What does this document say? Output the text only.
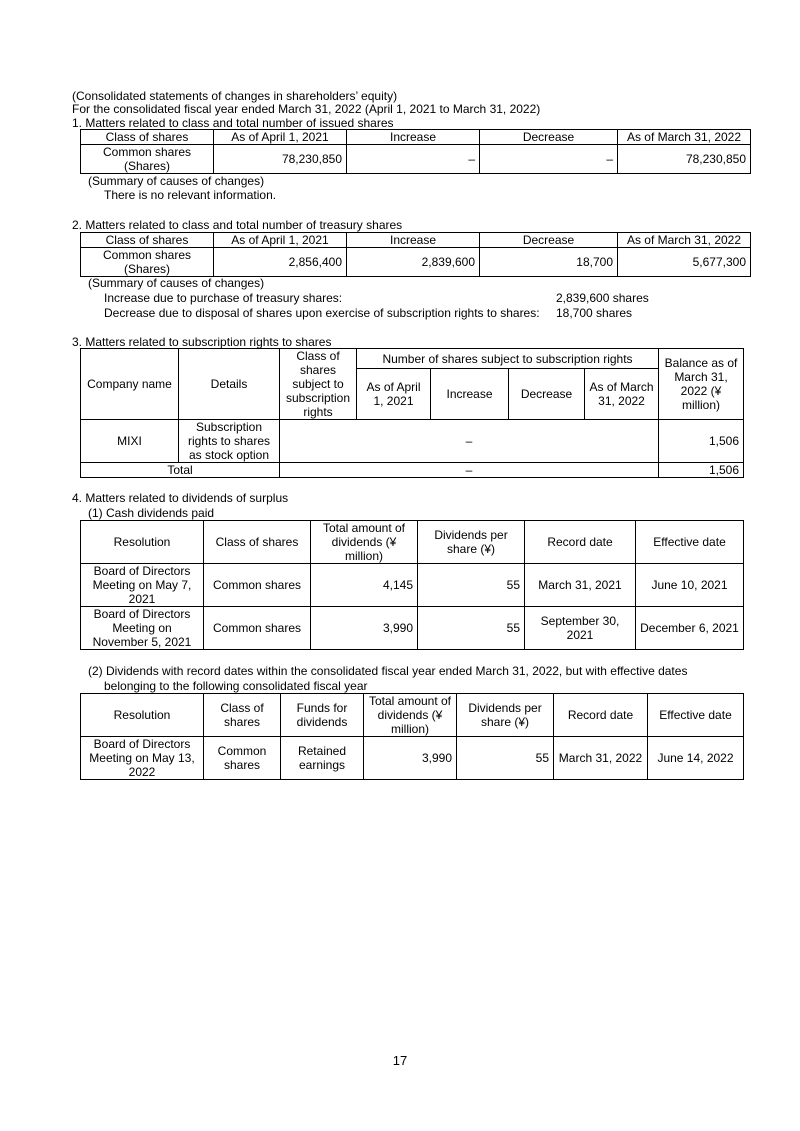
(Consolidated statements of changes in shareholders’ equity)
For the consolidated fiscal year ended March 31, 2022 (April 1, 2021 to March 31, 2022)
1. Matters related to class and total number of issued shares
Class of shares	As of April 1, 2021	Increase	Decrease	As of March 31, 2022
Common shares (Shares)	78,230,850	–	–	78,230,850
(Summary of causes of changes)
There is no relevant information.
2. Matters related to class and total number of treasury shares
Class of shares	As of April 1, 2021	Increase	Decrease	As of March 31, 2022
Common shares (Shares)	2,856,400	2,839,600	18,700	5,677,300
(Summary of causes of changes)
Increase due to purchase of treasury shares:	2,839,600 shares
Decrease due to disposal of shares upon exercise of subscription rights to shares: 18,700 shares
3. Matters related to subscription rights to shares
Company name	Details	Class of shares subject to subscription rights	Number of shares subject to subscription rights				Balance as of March 31, 2022 (¥ million)
			As of April 1, 2021	Increase	Decrease	As of March 31, 2022	
MIXI	Subscription rights to shares as stock option	–					1,506
Total		–					1,506
4. Matters related to dividends of surplus
(1) Cash dividends paid
Resolution	Class of shares	Total amount of dividends (¥ million)	Dividends per share (¥)	Record date	Effective date
Board of Directors Meeting on May 7, 2021	Common shares	4,145	55	March 31, 2021	June 10, 2021
Board of Directors Meeting on November 5, 2021	Common shares	3,990	55	September 30, 2021	December 6, 2021
(2) Dividends with record dates within the consolidated fiscal year ended March 31, 2022, but with effective dates
belonging to the following consolidated fiscal year
Resolution	Class of shares	Funds for dividends	Total amount of dividends (¥ million)	Dividends per share (¥)	Record date	Effective date
Board of Directors Meeting on May 13, 2022	Common shares	Retained earnings	3,990	55	March 31, 2022	June 14, 2022
17
